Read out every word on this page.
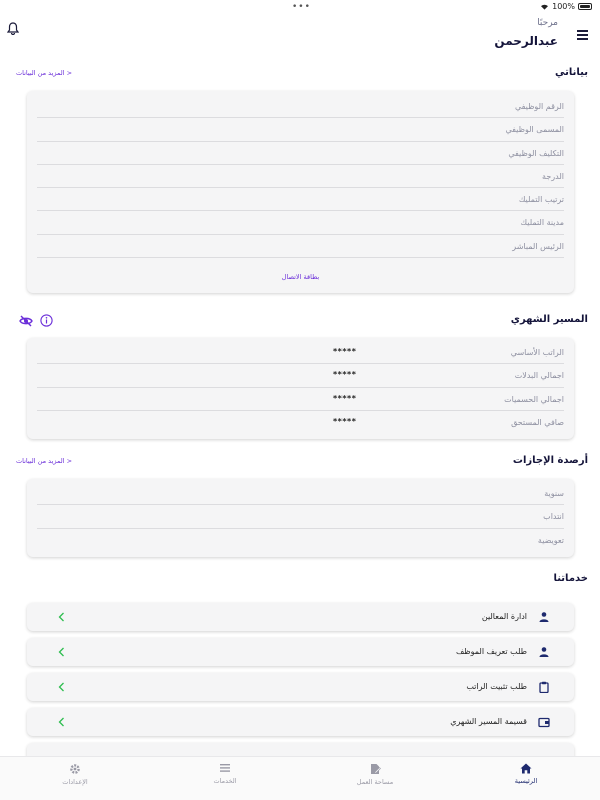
•••	100%
مرحبًا
عبدالرحمن
بياناتي
المزيد من البيانات >
الرقم الوظيفي
المسمى الوظيفي
التكليف الوظيفي
الدرجة
ترتيب التمليك
مدينة التمليك
الرئيس المباشر
بطاقة الاتصال
المسير الشهري
الراتب الأساسي
*****
اجمالي البدلات
*****
اجمالي الحسميات
*****
صافي المستحق
*****
أرصدة الإجازات
المزيد من البيانات >
سنوية
انتداب
تعويضية
خدماتنا
ادارة المعالين
طلب تعريف الموظف
طلب تثبيت الراتب
قسيمة المسير الشهري
الرئيسية
مساحة العمل
الخدمات
الإعدادات
